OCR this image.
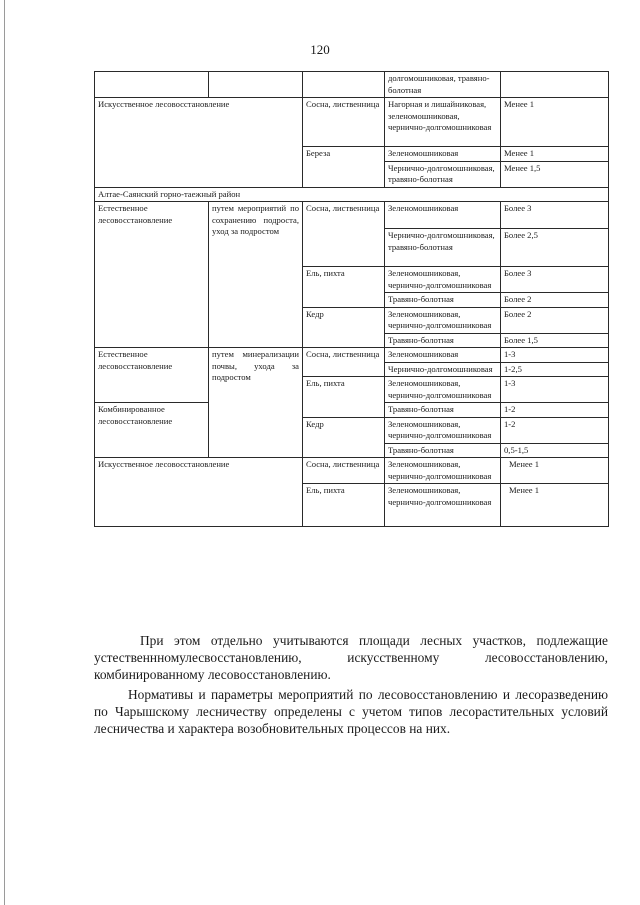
120
			долгомошниковая, травяно-болотная	
Искусственное лесовосстановление		Сосна, лиственница	Нагорная и лишайниковая, зеленомошниковая, чернично-долгомошниковая	Менее 1
		Береза	Зеленомошниковая	Менее 1
			Чернично-долгомошниковая, травяно-болотная	Менее 1,5
Алтае-Саянский горно-таежный район				
Естественное лесовосстановление	путем мероприятий по сохранению подроста, уход за подростом	Сосна, лиственница	Зеленомошниковая	Более 3
			Чернично-долгомошниковая, травяно-болотная	Более 2,5
		Ель, пихта	Зеленомошниковая, чернично-долгомошниковая	Более 3
			Травяно-болотная	Более 2
		Кедр	Зеленомошниковая, чернично-долгомошниковая	Более 2
			Травяно-болотная	Более 1,5
Естественное лесовосстановление	путем минерализации почвы, ухода за подростом	Сосна, лиственница	Зеленомошниковая	1-3
			Чернично-долгомошниковая	1-2,5
		Ель, пихта	Зеленомошниковая, чернично-долгомошниковая	1-3
Комбинированное лесовосстановление			Травяно-болотная	1-2
		Кедр	Зеленомошниковая, чернично-долгомошниковая	1-2
			Травяно-болотная	0,5-1,5
Искусственное лесовосстановление		Сосна, лиственница	Зеленомошниковая, чернично-долгомошниковая	Менее 1
		Ель, пихта	Зеленомошниковая, чернично-долгомошниковая	Менее 1

При этом отдельно учитываются площади лесных участков, подлежащие устественнномулесвосстановлению, искусственному лесовосстановлению, комбинированному лесовосстановлению.

Нормативы и параметры мероприятий по лесовосстановлению и лесоразведению по Чарышскому лесничеству определены с учетом типов лесорастительных условий лесничества и характера возобновительных процессов на них.
